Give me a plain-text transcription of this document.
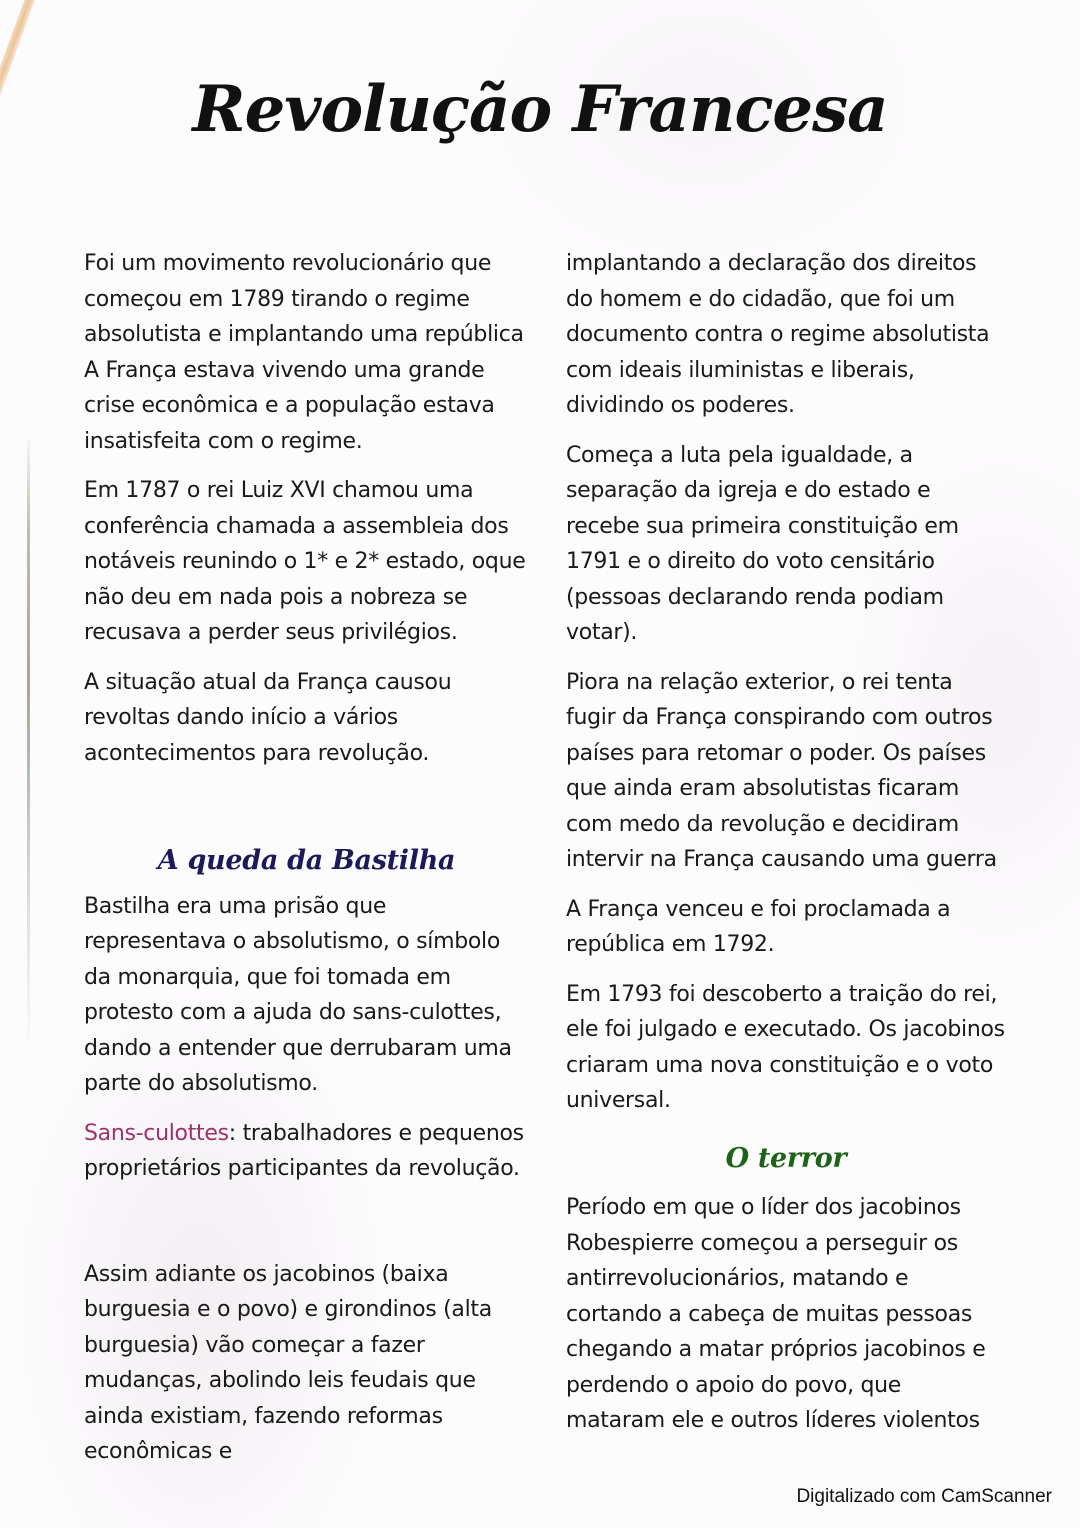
Revolução Francesa

Foi um movimento revolucionário que começou em 1789 tirando o regime absolutista e implantando uma república A França estava vivendo uma grande crise econômica e a população estava insatisfeita com o regime.

Em 1787 o rei Luiz XVI chamou uma conferência chamada a assembleia dos notáveis reunindo o 1* e 2* estado, oque não deu em nada pois a nobreza se recusava a perder seus privilégios.

A situação atual da França causou revoltas dando início a vários acontecimentos para revolução.

A queda da Bastilha

Bastilha era uma prisão que representava o absolutismo, o símbolo da monarquia, que foi tomada em protesto com a ajuda do sans-culottes, dando a entender que derrubaram uma parte do absolutismo.

Sans-culottes: trabalhadores e pequenos proprietários participantes da revolução.

Assim adiante os jacobinos (baixa burguesia e o povo) e girondinos (alta burguesia) vão começar a fazer mudanças, abolindo leis feudais que ainda existiam, fazendo reformas econômicas e

implantando a declaração dos direitos do homem e do cidadão, que foi um documento contra o regime absolutista com ideais iluministas e liberais, dividindo os poderes.

Começa a luta pela igualdade, a separação da igreja e do estado e recebe sua primeira constituição em 1791 e o direito do voto censitário (pessoas declarando renda podiam votar).

Piora na relação exterior, o rei tenta fugir da França conspirando com outros países para retomar o poder. Os países que ainda eram absolutistas ficaram com medo da revolução e decidiram intervir na França causando uma guerra

A França venceu e foi proclamada a república em 1792.

Em 1793 foi descoberto a traição do rei, ele foi julgado e executado. Os jacobinos criaram uma nova constituição e o voto universal.

O terror

Período em que o líder dos jacobinos Robespierre começou a perseguir os antirrevolucionários, matando e cortando a cabeça de muitas pessoas chegando a matar próprios jacobinos e perdendo o apoio do povo, que mataram ele e outros líderes violentos

Digitalizado com CamScanner
